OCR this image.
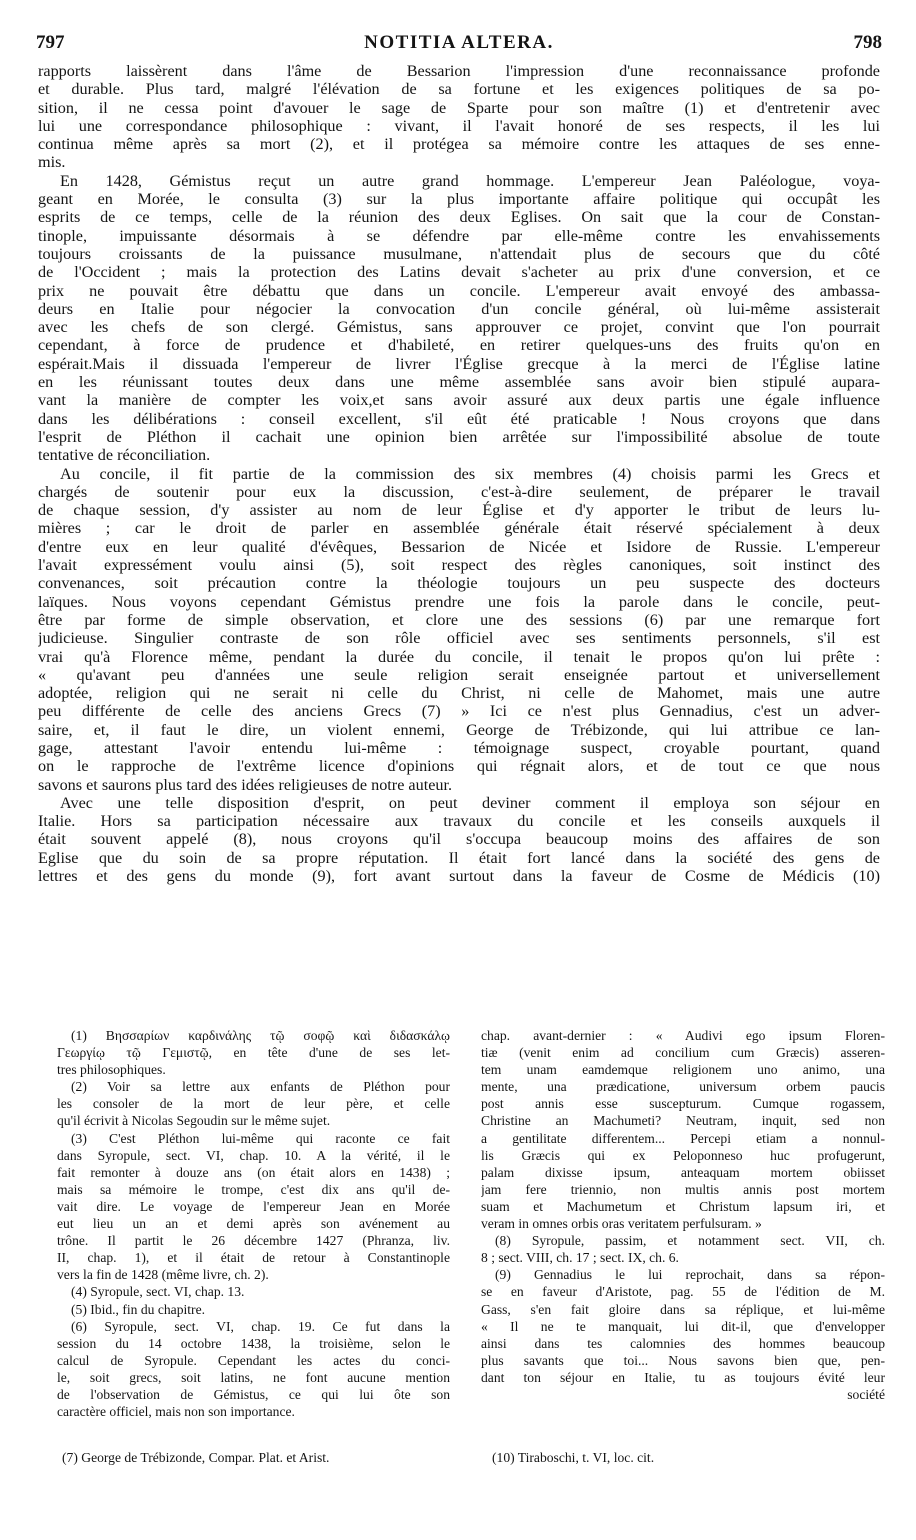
797	NOTITIA ALTERA.	798
rapports laissèrent dans l'âme de Bessarion l'impression d'une reconnaissance profonde
et durable. Plus tard, malgré l'élévation de sa fortune et les exigences politiques de sa po-
sition, il ne cessa point d'avouer le sage de Sparte pour son maître (1) et d'entretenir avec
lui une correspondance philosophique : vivant, il l'avait honoré de ses respects, il les lui
continua même après sa mort (2), et il protégea sa mémoire contre les attaques de ses enne-
mis.
En 1428, Gémistus reçut un autre grand hommage. L'empereur Jean Paléologue, voya-
geant en Morée, le consulta (3) sur la plus importante affaire politique qui occupât les
esprits de ce temps, celle de la réunion des deux Eglises. On sait que la cour de Constan-
tinople, impuissante désormais à se défendre par elle-même contre les envahissements
toujours croissants de la puissance musulmane, n'attendait plus de secours que du côté
de l'Occident ; mais la protection des Latins devait s'acheter au prix d'une conversion, et ce
prix ne pouvait être débattu que dans un concile. L'empereur avait envoyé des ambassa-
deurs en Italie pour négocier la convocation d'un concile général, où lui-même assisterait
avec les chefs de son clergé. Gémistus, sans approuver ce projet, convint que l'on pourrait
cependant, à force de prudence et d'habileté, en retirer quelques-uns des fruits qu'on en
espérait.Mais il dissuada l'empereur de livrer l'Église grecque à la merci de l'Église latine
en les réunissant toutes deux dans une même assemblée sans avoir bien stipulé aupara-
vant la manière de compter les voix,et sans avoir assuré aux deux partis une égale influence
dans les délibérations : conseil excellent, s'il eût été praticable ! Nous croyons que dans
l'esprit de Pléthon il cachait une opinion bien arrêtée sur l'impossibilité absolue de toute
tentative de réconciliation.
Au concile, il fit partie de la commission des six membres (4) choisis parmi les Grecs et
chargés de soutenir pour eux la discussion, c'est-à-dire seulement, de préparer le travail
de chaque session, d'y assister au nom de leur Église et d'y apporter le tribut de leurs lu-
mières ; car le droit de parler en assemblée générale était réservé spécialement à deux
d'entre eux en leur qualité d'évêques, Bessarion de Nicée et Isidore de Russie. L'empereur
l'avait expressément voulu ainsi (5), soit respect des règles canoniques, soit instinct des
convenances, soit précaution contre la théologie toujours un peu suspecte des docteurs
laïques. Nous voyons cependant Gémistus prendre une fois la parole dans le concile, peut-
être par forme de simple observation, et clore une des sessions (6) par une remarque fort
judicieuse. Singulier contraste de son rôle officiel avec ses sentiments personnels, s'il est
vrai qu'à Florence même, pendant la durée du concile, il tenait le propos qu'on lui prête :
« qu'avant peu d'années une seule religion serait enseignée partout et universellement
adoptée, religion qui ne serait ni celle du Christ, ni celle de Mahomet, mais une autre
peu différente de celle des anciens Grecs (7) » Ici ce n'est plus Gennadius, c'est un adver-
saire, et, il faut le dire, un violent ennemi, George de Trébizonde, qui lui attribue ce lan-
gage, attestant l'avoir entendu lui-même : témoignage suspect, croyable pourtant, quand
on le rapproche de l'extrême licence d'opinions qui régnait alors, et de tout ce que nous
savons et saurons plus tard des idées religieuses de notre auteur.
Avec une telle disposition d'esprit, on peut deviner comment il employa son séjour en
Italie. Hors sa participation nécessaire aux travaux du concile et les conseils auxquels il
était souvent appelé (8), nous croyons qu'il s'occupa beaucoup moins des affaires de son
Eglise que du soin de sa propre réputation. Il était fort lancé dans la société des gens de
lettres et des gens du monde (9), fort avant surtout dans la faveur de Cosme de Médicis (10)
(1) Βησσαρίων καρδινάλης τῷ σοφῷ καὶ διδασκάλῳ
Γεωργίῳ τῷ Γεμιστῷ, en tête d'une de ses let-
tres philosophiques.
(2) Voir sa lettre aux enfants de Pléthon pour
les consoler de la mort de leur père, et celle
qu'il écrivit à Nicolas Segoudin sur le même sujet.
(3) C'est Pléthon lui-même qui raconte ce fait
dans Syropule, sect. VI, chap. 10. A la vérité, il le
fait remonter à douze ans (on était alors en 1438) ;
mais sa mémoire le trompe, c'est dix ans qu'il de-
vait dire. Le voyage de l'empereur Jean en Morée
eut lieu un an et demi après son avénement au
trône. Il partit le 26 décembre 1427 (Phranza, liv.
II, chap. 1), et il était de retour à Constantinople
vers la fin de 1428 (même livre, ch. 2).
(4) Syropule, sect. VI, chap. 13.
(5) Ibid., fin du chapitre.
(6) Syropule, sect. VI, chap. 19. Ce fut dans la
session du 14 octobre 1438, la troisième, selon le
calcul de Syropule. Cependant les actes du conci-
le, soit grecs, soit latins, ne font aucune mention
de l'observation de Gémistus, ce qui lui ôte son
caractère officiel, mais non son importance.
chap. avant-dernier : « Audivi ego ipsum Floren-
tiæ (venit enim ad concilium cum Græcis) asseren-
tem unam eamdemque religionem uno animo, una
mente, una prædicatione, universum orbem paucis
post annis esse suscepturum. Cumque rogassem,
Christine an Machumeti? Neutram, inquit, sed non
a gentilitate differentem... Percepi etiam a nonnul-
lis Græcis qui ex Peloponneso huc profugerunt,
palam dixisse ipsum, anteaquam mortem obiisset
jam fere triennio, non multis annis post mortem
suam et Machumetum et Christum lapsum iri, et
veram in omnes orbis oras veritatem perfulsuram. »
(8) Syropule, passim, et notamment sect. VII, ch.
8 ; sect. VIII, ch. 17 ; sect. IX, ch. 6.
(9) Gennadius le lui reprochait, dans sa répon-
se en faveur d'Aristote, pag. 55 de l'édition de M.
Gass, s'en fait gloire dans sa réplique, et lui-même
« Il ne te manquait, lui dit-il, que d'envelopper
ainsi dans tes calomnies des hommes beaucoup
plus savants que toi... Nous savons bien que, pen-
dant ton séjour en Italie, tu as toujours évité leur
société
(7) George de Trébizonde, Compar. Plat. et Arist.	(10) Tiraboschi, t. VI, loc. cit.
